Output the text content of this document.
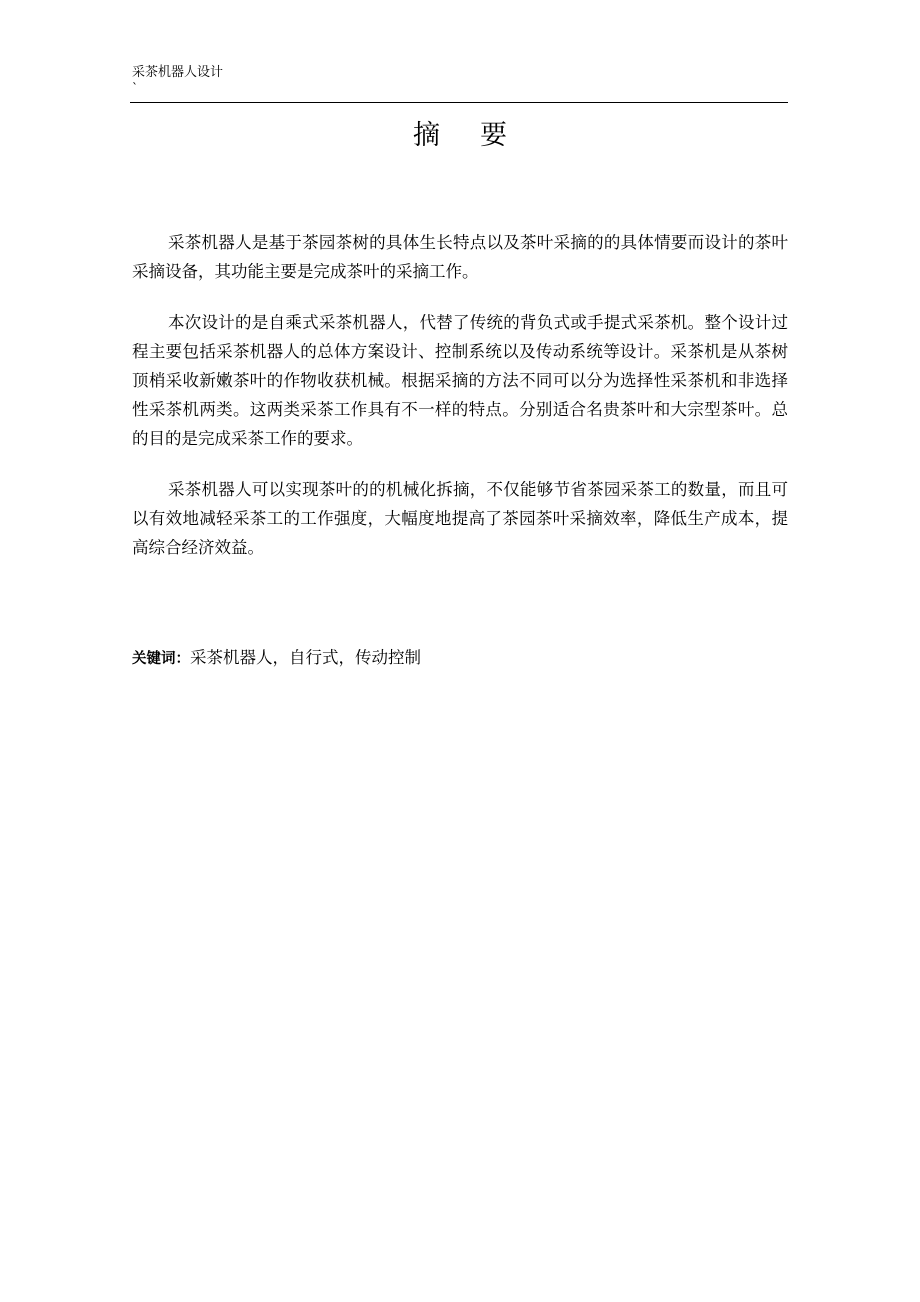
采茶机器人设计
`
摘要

采茶机器人是基于茶园茶树的具体生长特点以及茶叶采摘的的具体情要而设计的茶叶采摘设备，其功能主要是完成茶叶的采摘工作。

本次设计的是自乘式采茶机器人，代替了传统的背负式或手提式采茶机。整个设计过程主要包括采茶机器人的总体方案设计、控制系统以及传动系统等设计。采茶机是从茶树顶梢采收新嫩茶叶的作物收获机械。根据采摘的方法不同可以分为选择性采茶机和非选择性采茶机两类。这两类采茶工作具有不一样的特点。分别适合名贵茶叶和大宗型茶叶。总的目的是完成采茶工作的要求。

采茶机器人可以实现茶叶的的机械化拆摘，不仅能够节省茶园采茶工的数量，而且可以有效地减轻采茶工的工作强度，大幅度地提高了茶园茶叶采摘效率，降低生产成本，提高综合经济效益。

关键词：采茶机器人，自行式，传动控制
